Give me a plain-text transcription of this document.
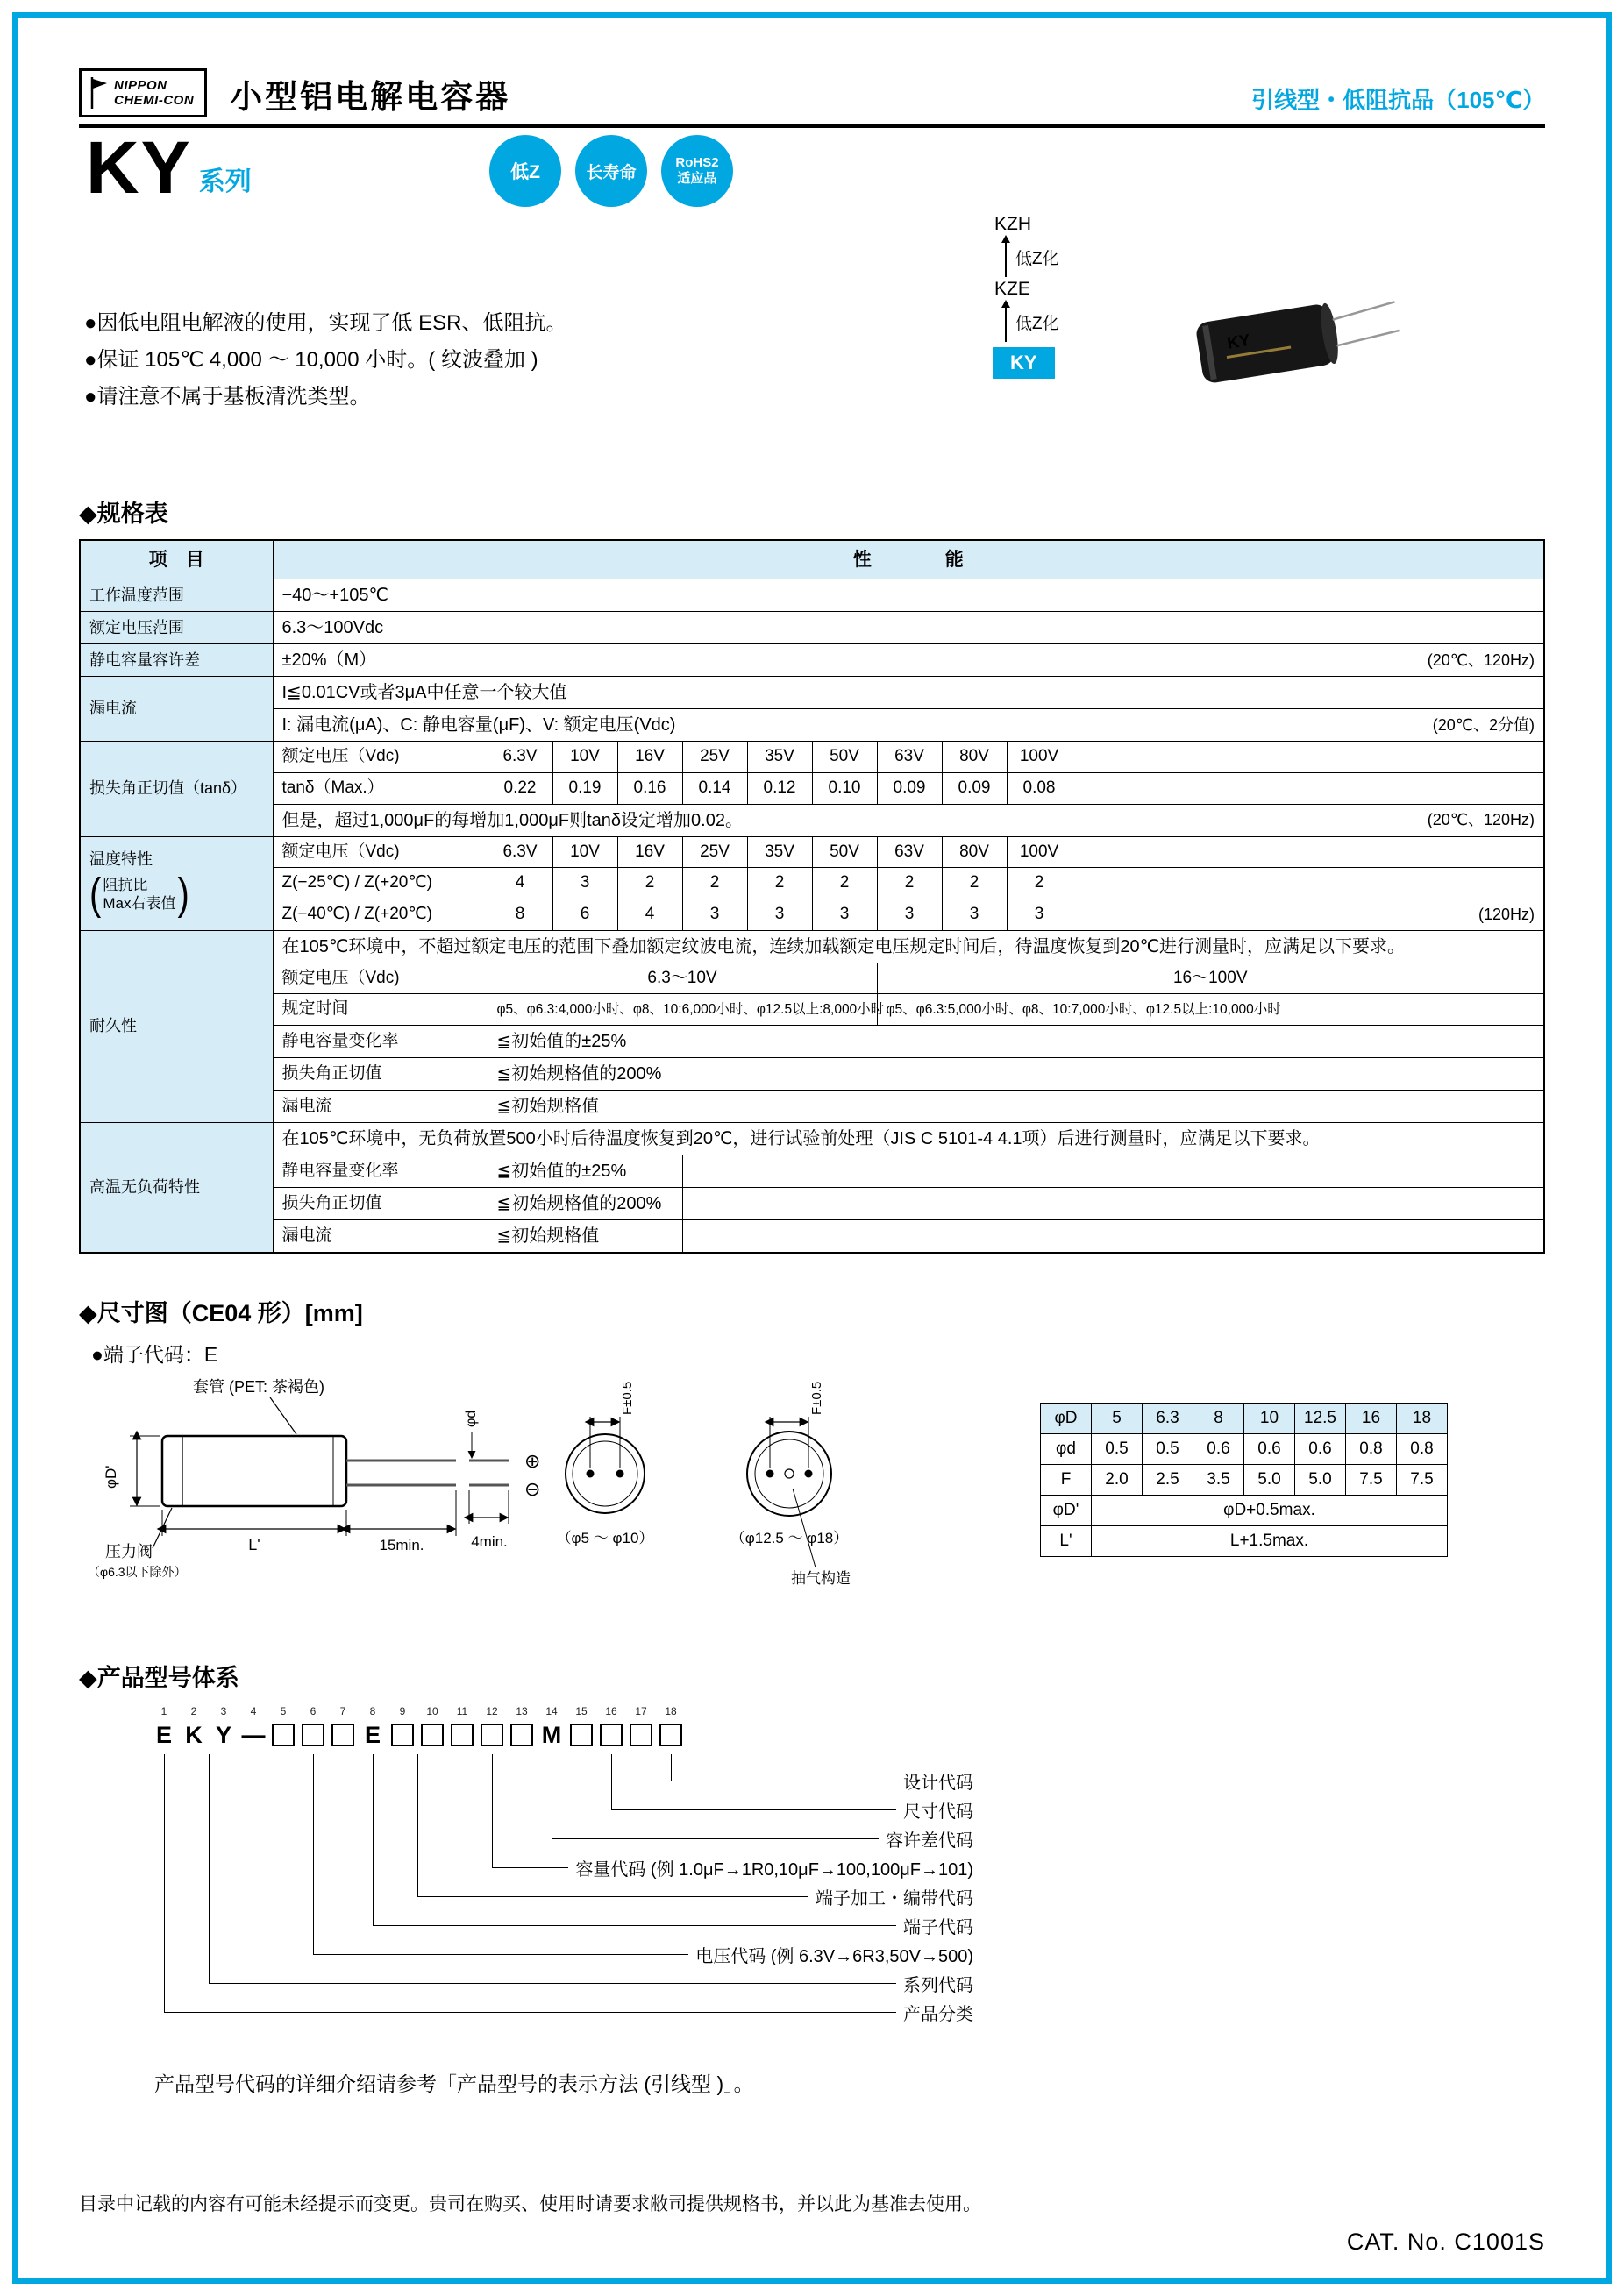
NIPPON
CHEMI-CON 小型铝电解电容器	引线型・低阻抗品（105℃）
KY 系列	低Z	长寿命
RoHS2
适应品
●因低电阻电解液的使用，实现了低 ESR、低阻抗。
●保证 105℃ 4,000 ～ 10,000 小时。( 纹波叠加 )
●请注意不属于基板清洗类型。
KZH
低Z化
KZE
低Z化
KY
KY
◆规格表
项　目	性　　　　能										
工作温度范围	−40～+105℃										
额定电压范围	6.3～100Vdc										
静电容量容许差	±20%（M） (20℃、120Hz)										

漏电流	I≦0.01CV或者3μA中任意一个较大值										

	I: 漏电流(μA)、C: 静电容量(μF)、V: 额定电压(Vdc) (20℃、2分值)										

损失角正切值（tanδ）	额定电压（Vdc)	6.3V	10V	16V	25V	35V	50V	63V	80V	100V	
	tanδ（Max.）	0.22	0.19	0.16	0.14	0.12	0.10	0.09	0.09	0.08	

	但是，超过1,000μF的每增加1,000μF则tanδ设定增加0.02。 (20℃、120Hz)										

温度特性
( 阻抗比
Max右表值 )	额定电压（Vdc)	6.3V	10V	16V	25V	35V	50V	63V	80V	100V	
	Z(−25℃) / Z(+20℃)	4	3	2	2	2	2	2	2	2	
	Z(−40℃) / Z(+20℃)	8	6	4	3	3	3	3	3	3	(120Hz)
耐久性	在105℃环境中，不超过额定电压的范围下叠加额定纹波电流，连续加载额定电压规定时间后，待温度恢复到20℃进行测量时，应满足以下要求。										
	额定电压（Vdc)	6.3～10V						16～100V			
	规定时间	φ5、φ6.3:4,000小时、φ8、10:6,000小时、φ12.5以上:8,000小时						φ5、φ6.3:5,000小时、φ8、10:7,000小时、φ12.5以上:10,000小时			
	静电容量变化率	≦初始值的±25%									
	损失角正切值	≦初始规格值的200%									
	漏电流	≦初始规格值									
高温无负荷特性	在105℃环境中，无负荷放置500小时后待温度恢复到20℃，进行试验前处理（JIS C 5101-4 4.1项）后进行测量时，应满足以下要求。										
	静电容量变化率	≦初始值的±25%									
	损失角正切值	≦初始规格值的200%									
	漏电流	≦初始规格值									
◆尺寸图（CE04 形）[mm]
●端子代码：E
套管 (PET: 茶褐色)
φD'
压力阀
（φ6.3以下除外）
L'	15min.	4min.
φd
⊕
⊖
F±0.5
（φ5 ～ φ10）
F±0.5
（φ12.5 ～ φ18）
抽气构造
φD	5	6.3	8	10	12.5	16	18
φd	0.5	0.5	0.6	0.6	0.6	0.8	0.8
F	2.0	2.5	3.5	5.0	5.0	7.5	7.5
φD'	φD+0.5max.						
L'	L+1.5max.						
◆产品型号体系
1
E
2
K
3
Y
4
—
5	6	7	8
E
9	10	11	12	13	14
M
15	16	17	18
设计代码
尺寸代码
容许差代码
容量代码 (例 1.0μF→1R0,10μF→100,100μF→101)
端子加工・编带代码
端子代码
电压代码 (例 6.3V→6R3,50V→500)
系列代码
产品分类
产品型号代码的详细介绍请参考「产品型号的表示方法 (引线型 )」。
目录中记载的内容有可能未经提示而变更。贵司在购买、使用时请要求敝司提供规格书，并以此为基准去使用。
CAT. No. C1001S
